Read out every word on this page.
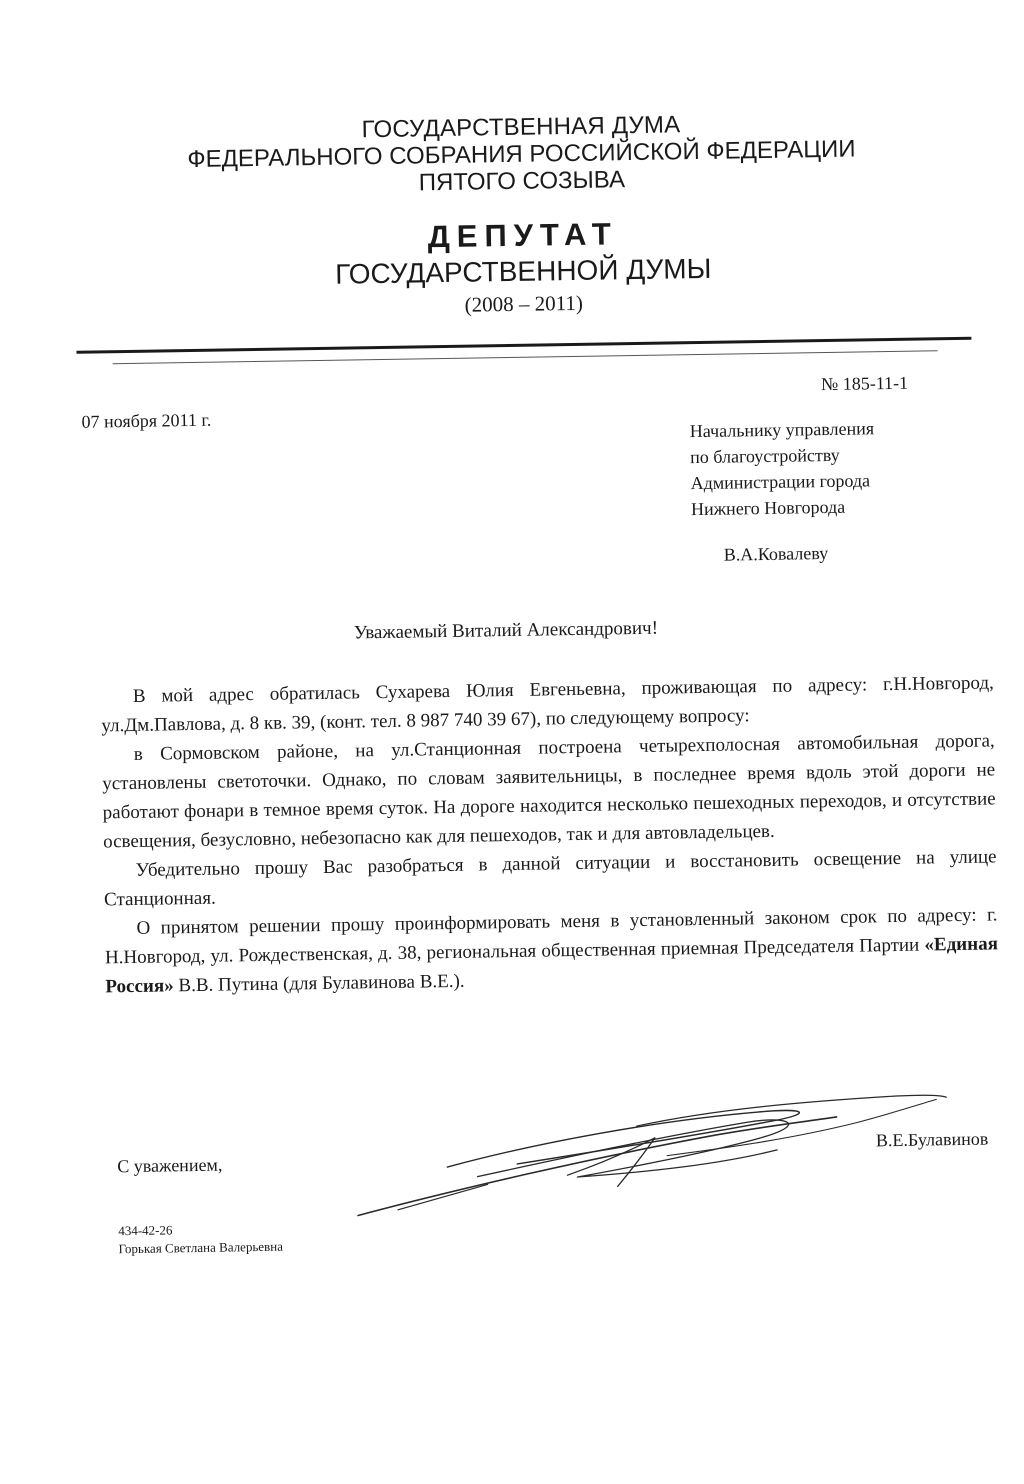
ГОСУДАРСТВЕННАЯ ДУМА
ФЕДЕРАЛЬНОГО СОБРАНИЯ РОССИЙСКОЙ ФЕДЕРАЦИИ
ПЯТОГО СОЗЫВА
ДЕПУТАТ
ГОСУДАРСТВЕННОЙ ДУМЫ
(2008 – 2011)
№ 185-11-1
07 ноября 2011 г.	Начальнику управления
по благоустройству
Администрации города
Нижнего Новгорода
В.А.Ковалеву
Уважаемый Виталий Александрович!

В мой адрес обратилась Сухарева Юлия Евгеньевна, проживающая по адресу: г.Н.Новгород, ул.Дм.Павлова, д. 8 кв. 39, (конт. тел. 8 987 740 39 67), по следующему вопросу:

в Сормовском районе, на ул.Станционная построена четырехполосная автомобильная дорога, установлены светоточки. Однако, по словам заявительницы, в последнее время вдоль этой дороги не работают фонари в темное время суток. На дороге находится несколько пешеходных переходов, и отсутствие освещения, безусловно, небезопасно как для пешеходов, так и для автовладельцев.

Убедительно прошу Вас разобраться в данной ситуации и восстановить освещение на улице Станционная.

О принятом решении прошу проинформировать меня в установленный законом срок по адресу: г. Н.Новгород, ул. Рождественская, д. 38, региональная общественная приемная Председателя Партии «Единая Россия» В.В. Путина (для Булавинова В.Е.).

С уважением,
В.Е.Булавинов
434-42-26
Горькая Светлана Валерьевна
